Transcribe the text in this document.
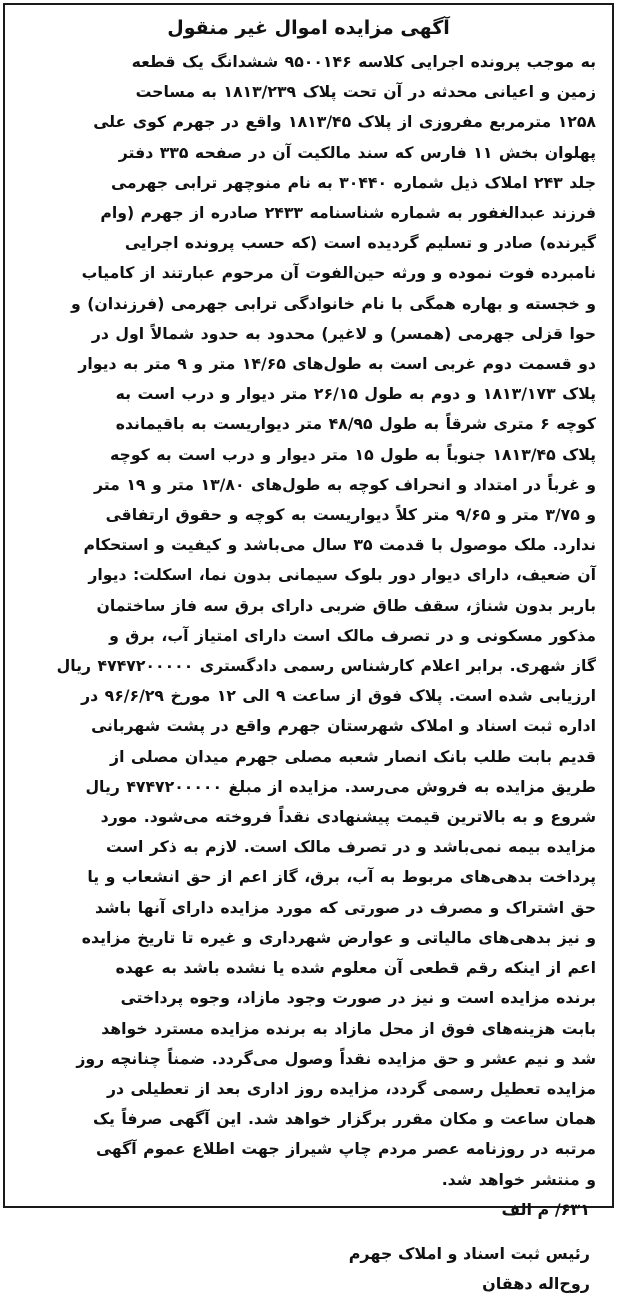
آگهی مزایده اموال غیر منقول
به موجب پرونده اجرایی کلاسه ۹۵۰۰۱۴۶ ششدانگ یک قطعه
زمین و اعیانی محدثه در آن تحت پلاک ۱۸۱۳/۲۳۹ به مساحت
۱۲۵۸ مترمربع مفروزی از پلاک ۱۸۱۳/۴۵ واقع در جهرم کوی علی
پهلوان بخش ۱۱ فارس که سند مالکیت آن در صفحه ۳۳۵ دفتر
جلد ۲۴۳ املاک ذیل شماره ۳۰۴۴۰ به نام منوچهر ترابی جهرمی
فرزند عبدالغفور به شماره شناسنامه ۲۴۳۳ صادره از جهرم (وام
گیرنده) صادر و تسلیم گردیده است (که حسب پرونده اجرایی
نامبرده فوت نموده و ورثه حین‌الفوت آن مرحوم عبارتند از کامیاب
و خجسته و بهاره همگی با نام خانوادگی ترابی جهرمی (فرزندان) و
حوا قزلی جهرمی (همسر) و لاغیر) محدود به حدود شمالاً اول در
دو قسمت دوم غربی است به طول‌های ۱۴/۶۵ متر و ۹ متر به دیوار
پلاک ۱۸۱۳/۱۷۳ و دوم به طول ۲۶/۱۵ متر دیوار و درب است به
کوچه ۶ متری شرقاً به طول ۴۸/۹۵ متر دیواریست به باقیمانده
پلاک ۱۸۱۳/۴۵ جنوباً به طول ۱۵ متر دیوار و درب است به کوچه
و غرباً در امتداد و انحراف کوچه به طول‌های ۱۳/۸۰ متر و ۱۹ متر
و ۳/۷۵ متر و ۹/۶۵ متر کلاً دیواریست به کوچه و حقوق ارتفاقی
ندارد. ملک موصول با قدمت ۳۵ سال می‌باشد و کیفیت و استحکام
آن ضعیف، دارای دیوار دور بلوک سیمانی بدون نما، اسکلت: دیوار
باربر بدون شناژ، سقف طاق ضربی دارای برق سه فاز ساختمان
مذکور مسکونی و در تصرف مالک است دارای امتیاز آب، برق و
گاز شهری. برابر اعلام کارشناس رسمی دادگستری ۴۷۴۷۲۰۰۰۰۰ ریال
ارزیابی شده است. پلاک فوق از ساعت ۹ الی ۱۲ مورخ ۹۶/۶/۲۹ در
اداره ثبت اسناد و املاک شهرستان جهرم واقع در پشت شهربانی
قدیم بابت طلب بانک انصار شعبه مصلی جهرم میدان مصلی از
طریق مزایده به فروش می‌رسد. مزایده از مبلغ ۴۷۴۷۲۰۰۰۰۰ ریال
شروع و به بالاترین قیمت پیشنهادی نقداً فروخته می‌شود. مورد
مزایده بیمه نمی‌باشد و در تصرف مالک است. لازم به ذکر است
پرداخت بدهی‌های مربوط به آب، برق، گاز اعم از حق انشعاب و یا
حق اشتراک و مصرف در صورتی که مورد مزایده دارای آنها باشد
و نیز بدهی‌های مالیاتی و عوارض شهرداری و غیره تا تاریخ مزایده
اعم از اینکه رقم قطعی آن معلوم شده یا نشده باشد به عهده
برنده مزایده است و نیز در صورت وجود مازاد، وجوه پرداختی
بابت هزینه‌های فوق از محل مازاد به برنده مزایده مسترد خواهد
شد و نیم عشر و حق مزایده نقداً وصول می‌گردد. ضمناً چنانچه روز
مزایده تعطیل رسمی گردد، مزایده روز اداری بعد از تعطیلی در
همان ساعت و مکان مقرر برگزار خواهد شد. این آگهی صرفاً یک
مرتبه در روزنامه عصر مردم چاپ شیراز جهت اطلاع عموم آگهی
و منتشر خواهد شد.
۶۳۱/ م الف
رئیس ثبت اسناد و املاک جهرم
روح‌اله دهقان
